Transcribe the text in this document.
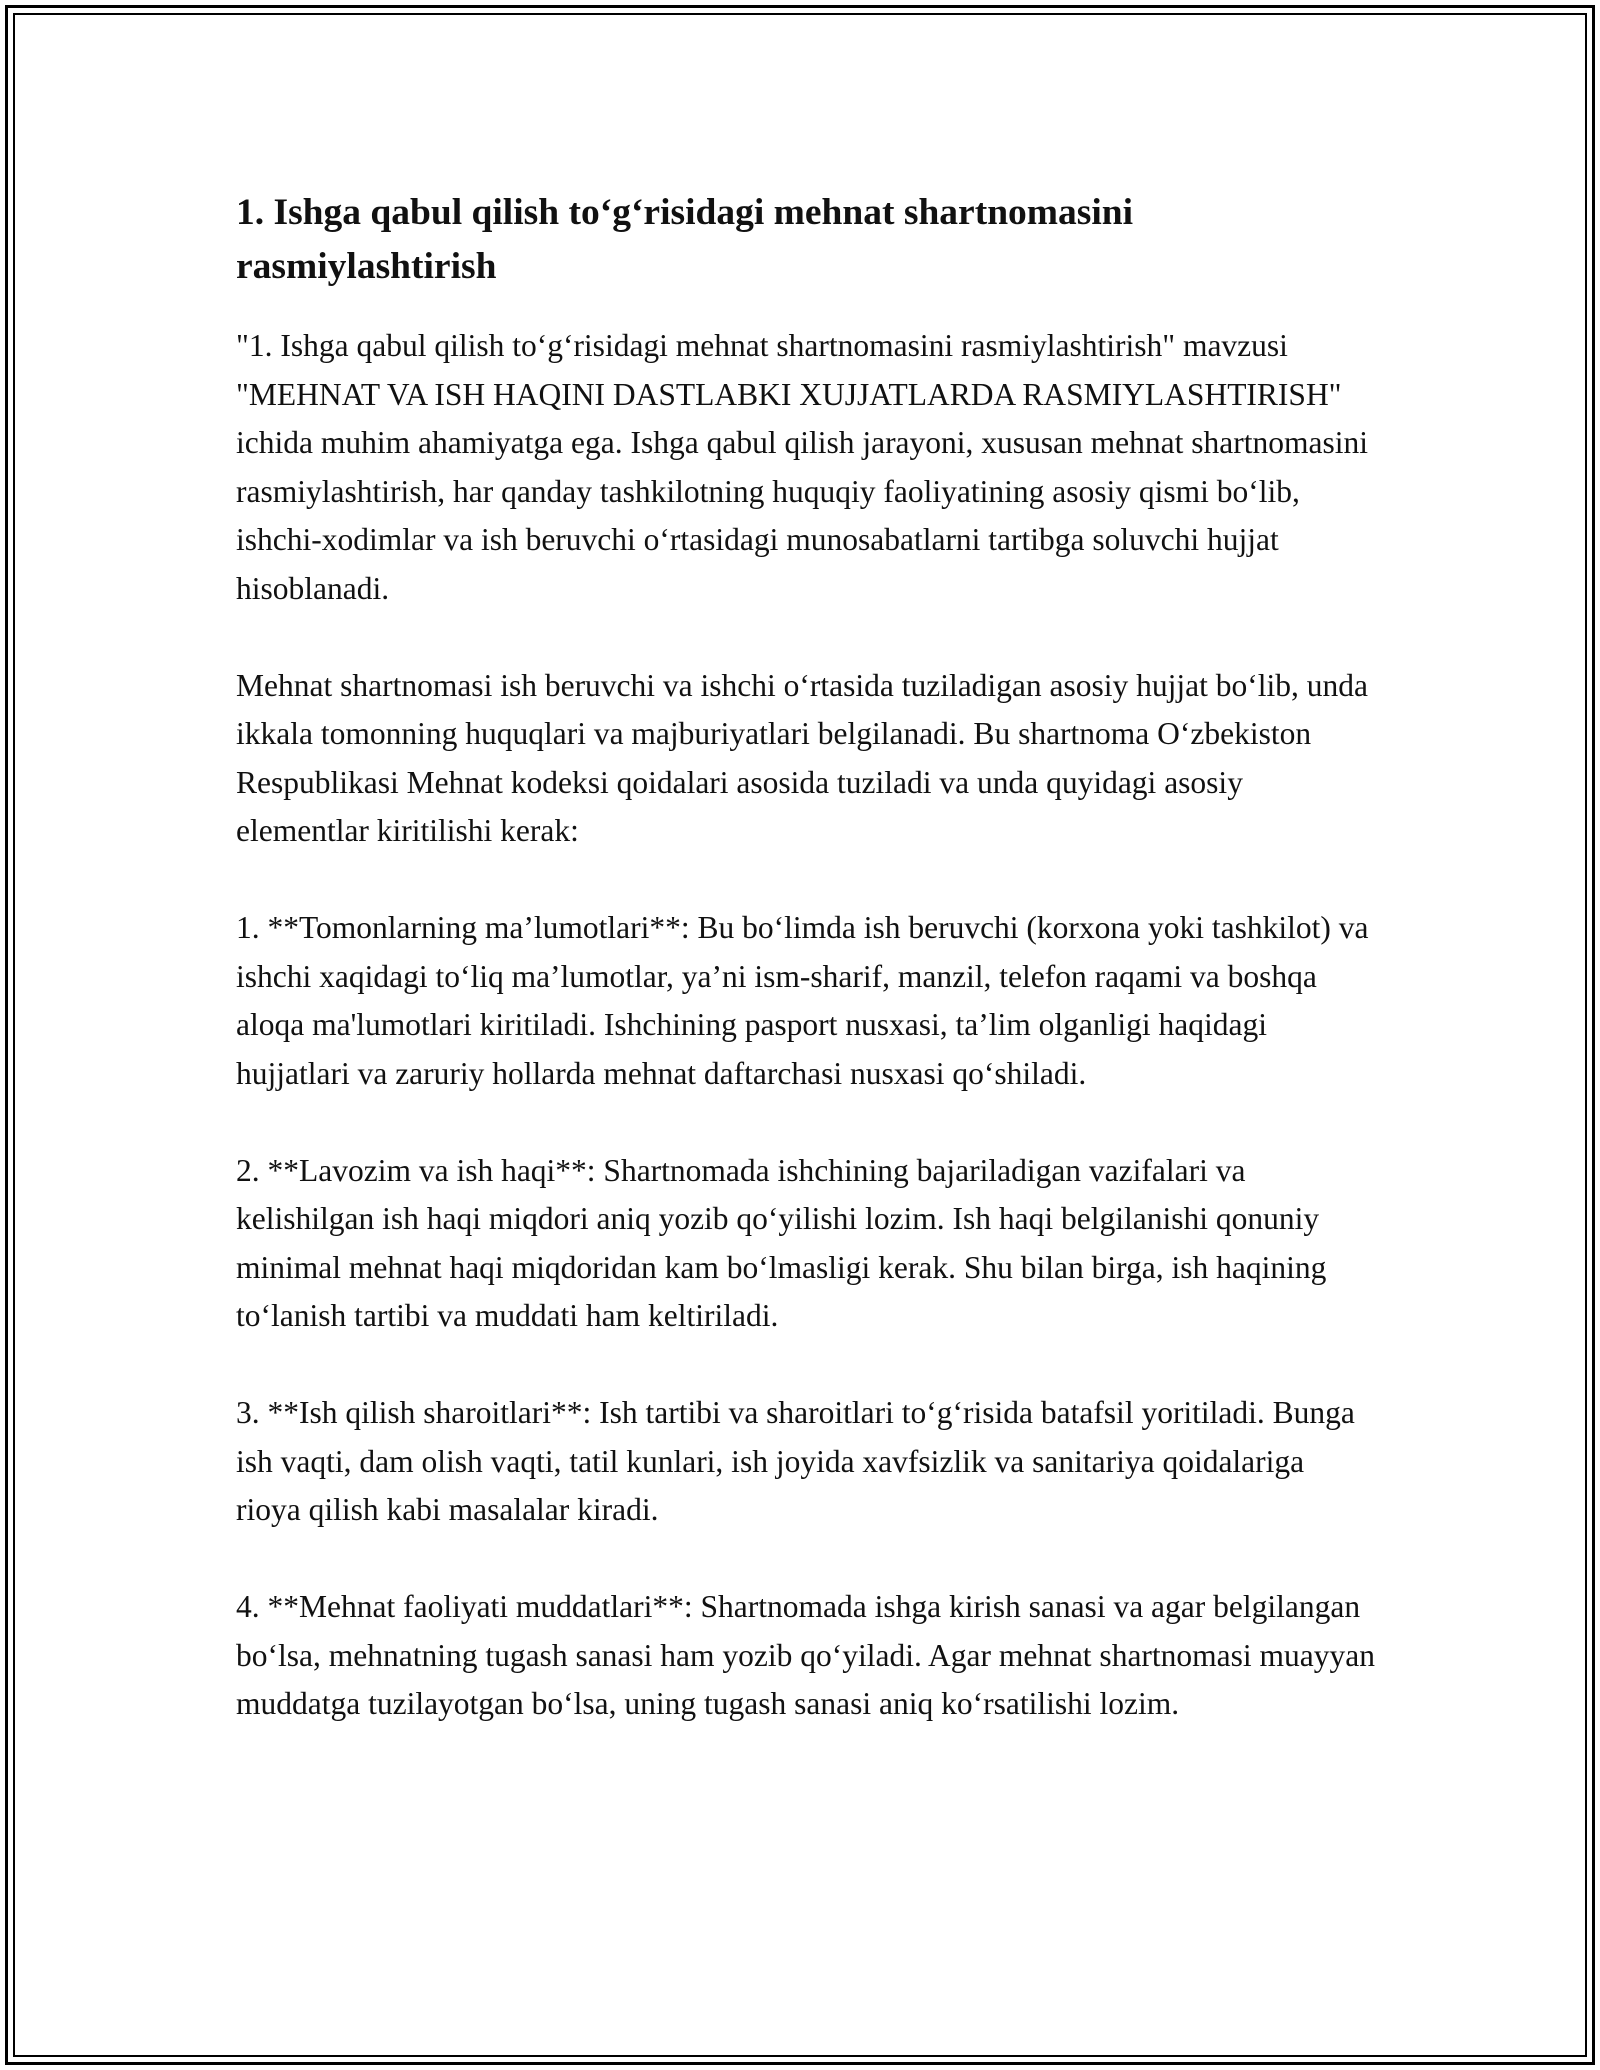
1. Ishga qabul qilish to‘g‘risidagi mehnat shartnomasini rasmiylashtirish

"1. Ishga qabul qilish to‘g‘risidagi mehnat shartnomasini rasmiylashtirish" mavzusi "MEHNAT VA ISH HAQINI DASTLABKI XUJJATLARDA RASMIYLASHTIRISH" ichida muhim ahamiyatga ega. Ishga qabul qilish jarayoni, xususan mehnat shartnomasini rasmiylashtirish, har qanday tashkilotning huquqiy faoliyatining asosiy qismi bo‘lib, ishchi-xodimlar va ish beruvchi o‘rtasidagi munosabatlarni tartibga soluvchi hujjat hisoblanadi.

Mehnat shartnomasi ish beruvchi va ishchi o‘rtasida tuziladigan asosiy hujjat bo‘lib, unda ikkala tomonning huquqlari va majburiyatlari belgilanadi. Bu shartnoma O‘zbekiston Respublikasi Mehnat kodeksi qoidalari asosida tuziladi va unda quyidagi asosiy elementlar kiritilishi kerak:

1. **Tomonlarning ma’lumotlari**: Bu bo‘limda ish beruvchi (korxona yoki tashkilot) va ishchi xaqidagi to‘liq ma’lumotlar, ya’ni ism-sharif, manzil, telefon raqami va boshqa aloqa ma'lumotlari kiritiladi. Ishchining pasport nusxasi, ta’lim olganligi haqidagi hujjatlari va zaruriy hollarda mehnat daftarchasi nusxasi qo‘shiladi.

2. **Lavozim va ish haqi**: Shartnomada ishchining bajariladigan vazifalari va kelishilgan ish haqi miqdori aniq yozib qo‘yilishi lozim. Ish haqi belgilanishi qonuniy minimal mehnat haqi miqdoridan kam bo‘lmasligi kerak. Shu bilan birga, ish haqining to‘lanish tartibi va muddati ham keltiriladi.

3. **Ish qilish sharoitlari**: Ish tartibi va sharoitlari to‘g‘risida batafsil yoritiladi. Bunga ish vaqti, dam olish vaqti, tatil kunlari, ish joyida xavfsizlik va sanitariya qoidalariga rioya qilish kabi masalalar kiradi.

4. **Mehnat faoliyati muddatlari**: Shartnomada ishga kirish sanasi va agar belgilangan bo‘lsa, mehnatning tugash sanasi ham yozib qo‘yiladi. Agar mehnat shartnomasi muayyan muddatga tuzilayotgan bo‘lsa, uning tugash sanasi aniq ko‘rsatilishi lozim.
